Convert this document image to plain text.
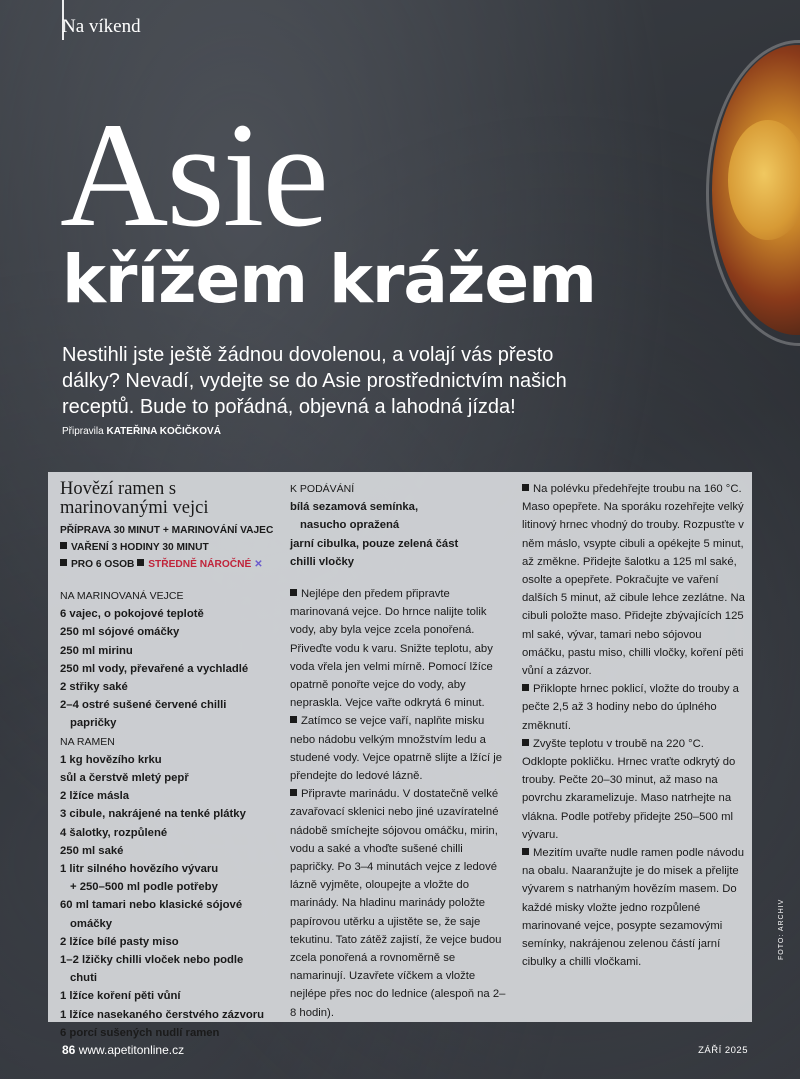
Na víkend
Asie
křížem krážem
Nestihli jste ještě žádnou dovolenou, a volají vás přesto dálky? Nevadí, vydejte se do Asie prostřednictvím našich receptů. Bude to pořádná, objevná a lahodná jízda!
Připravila KATEŘINA KOČIČKOVÁ
Hovězí ramen s marinovanými vejci
PŘÍPRAVA 30 MINUT + MARINOVÁNÍ VAJEC
VAŘENÍ 3 HODINY 30 MINUT
PRO 6 OSOB STŘEDNĚ NÁROČNÉ ✕
NA MARINOVANÁ VEJCE
6 vajec, o pokojové teplotě
250 ml sójové omáčky
250 ml mirinu
250 ml vody, převařené a vychladlé
2 střiky saké
2–4 ostré sušené červené chilli
papričky
NA RAMEN
1 kg hovězího krku
sůl a čerstvě mletý pepř
2 lžíce másla
3 cibule, nakrájené na tenké plátky
4 šalotky, rozpůlené
250 ml saké
1 litr silného hovězího vývaru
+ 250–500 ml podle potřeby
60 ml tamari nebo klasické sójové
omáčky
2 lžíce bílé pasty miso
1–2 lžičky chilli vloček nebo podle
chuti
1 lžíce koření pěti vůní
1 lžíce nasekaného čerstvého zázvoru
6 porcí sušených nudlí ramen
K PODÁVÁNÍ
bílá sezamová semínka,
nasucho opražená
jarní cibulka, pouze zelená část
chilli vločky
Nejlépe den předem připravte marinovaná vejce. Do hrnce nalijte tolik vody, aby byla vejce zcela ponořená. Přiveďte vodu k varu. Snižte teplotu, aby voda vřela jen velmi mírně. Pomocí lžíce opatrně ponořte vejce do vody, aby nepraskla. Vejce vařte odkrytá 6 minut.
Zatímco se vejce vaří, naplňte misku nebo nádobu velkým množstvím ledu a studené vody. Vejce opatrně slijte a lžící je přendejte do ledové lázně.
Připravte marinádu. V dostatečně velké zavařovací sklenici nebo jiné uzavíratelné nádobě smíchejte sójovou omáčku, mirin, vodu a saké a vhoďte sušené chilli papričky. Po 3–4 minutách vejce z ledové lázně vyjměte, oloupejte a vložte do marinády. Na hladinu marinády položte papírovou utěrku a ujistěte se, že saje tekutinu. Tato zátěž zajistí, že vejce budou zcela ponořená a rovnoměrně se namarinují. Uzavřete víčkem a vložte nejlépe přes noc do lednice (alespoň na 2–8 hodin).
Na polévku předehřejte troubu na 160 °C. Maso opepřete. Na sporáku rozehřejte velký litinový hrnec vhodný do trouby. Rozpusťte v něm máslo, vsypte cibuli a opékejte 5 minut, až změkne. Přidejte šalotku a 125 ml saké, osolte a opepřete. Pokračujte ve vaření dalších 5 minut, až cibule lehce zezlátne. Na cibuli položte maso. Přidejte zbývajících 125 ml saké, vývar, tamari nebo sójovou omáčku, pastu miso, chilli vločky, koření pěti vůní a zázvor.
Přiklopte hrnec poklicí, vložte do trouby a pečte 2,5 až 3 hodiny nebo do úplného změknutí.
Zvyšte teplotu v troubě na 220 °C. Odklopte pokličku. Hrnec vraťte odkrytý do trouby. Pečte 20–30 minut, až maso na povrchu zkaramelizuje. Maso natrhejte na vlákna. Podle potřeby přidejte 250–500 ml vývaru.
Mezitím uvařte nudle ramen podle návodu na obalu. Naaranžujte je do misek a přelijte vývarem s natrhaným hovězím masem. Do každé misky vložte jedno rozpůlené marinované vejce, posypte sezamovými semínky, nakrájenou zelenou částí jarní cibulky a chilli vločkami.
86 www.apetitonline.cz	ZÁŘÍ 2025
FOTO: ARCHIV
